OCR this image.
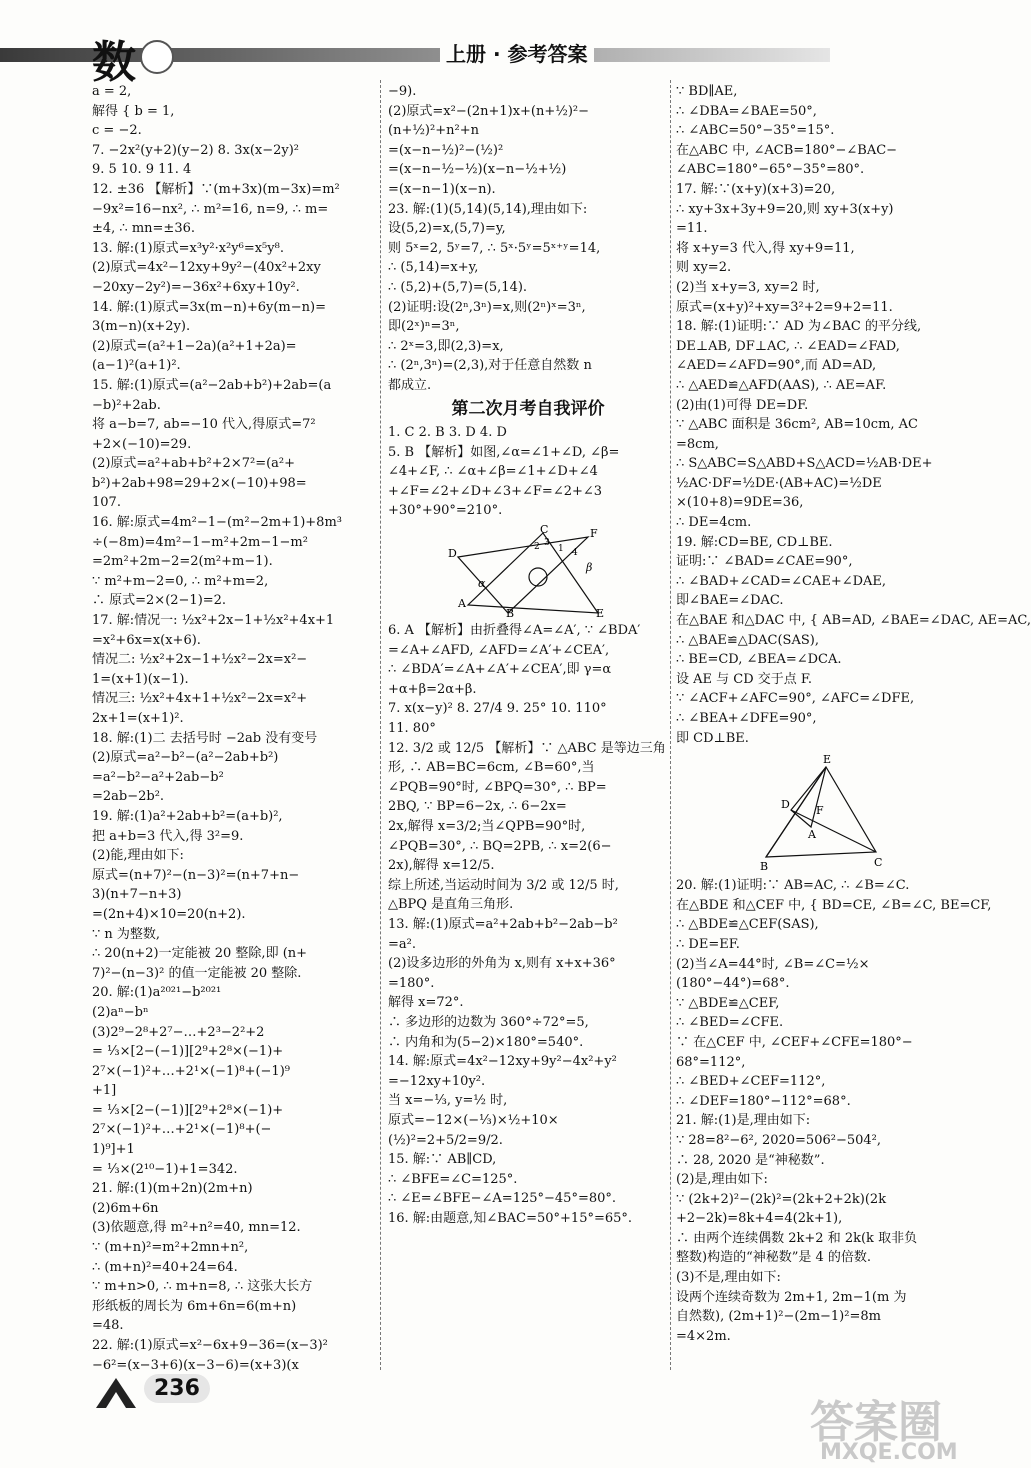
数	上册 · 参考答案
a = 2,
解得 { b = 1,
c = −2.
7. −2x²(y+2)(y−2) 8. 3x(x−2y)²
9. 5 10. 9 11. 4
12. ±36 【解析】∵(m+3x)(m−3x)=m²
−9x²=16−nx², ∴ m²=16, n=9, ∴ m=
±4, ∴ mn=±36.
13. 解:(1)原式=x³y²·x²y⁶=x⁵y⁸.
(2)原式=4x²−12xy+9y²−(40x²+2xy
−20xy−2y²)=−36x²+6xy+10y².
14. 解:(1)原式=3x(m−n)+6y(m−n)=
3(m−n)(x+2y).
(2)原式=(a²+1−2a)(a²+1+2a)=
(a−1)²(a+1)².
15. 解:(1)原式=(a²−2ab+b²)+2ab=(a
−b)²+2ab.
将 a−b=7, ab=−10 代入,得原式=7²
+2×(−10)=29.
(2)原式=a²+ab+b²+2×7²=(a²+
b²)+2ab+98=29+2×(−10)+98=
107.
16. 解:原式=4m²−1−(m²−2m+1)+8m³
÷(−8m)=4m²−1−m²+2m−1−m²
=2m²+2m−2=2(m²+m−1).
∵ m²+m−2=0, ∴ m²+m=2,
∴ 原式=2×(2−1)=2.
17. 解:情况一: ½x²+2x−1+½x²+4x+1
=x²+6x=x(x+6).
情况二: ½x²+2x−1+½x²−2x=x²−
1=(x+1)(x−1).
情况三: ½x²+4x+1+½x²−2x=x²+
2x+1=(x+1)².
18. 解:(1)二 去括号时 −2ab 没有变号
(2)原式=a²−b²−(a²−2ab+b²)
=a²−b²−a²+2ab−b²
=2ab−2b².
19. 解:(1)a²+2ab+b²=(a+b)²,
把 a+b=3 代入,得 3²=9.
(2)能,理由如下:
原式=(n+7)²−(n−3)²=(n+7+n−
3)(n+7−n+3)
=(2n+4)×10=20(n+2).
∵ n 为整数,
∴ 20(n+2)一定能被 20 整除,即 (n+
7)²−(n−3)² 的值一定能被 20 整除.
20. 解:(1)a²⁰²¹−b²⁰²¹
(2)aⁿ−bⁿ
(3)2⁹−2⁸+2⁷−…+2³−2²+2
= ⅓×[2−(−1)][2⁹+2⁸×(−1)+
2⁷×(−1)²+…+2¹×(−1)⁸+(−1)⁹
+1]
= ⅓×[2−(−1)][2⁹+2⁸×(−1)+
2⁷×(−1)²+…+2¹×(−1)⁸+(−
1)⁹]+1
= ⅓×(2¹⁰−1)+1=342.
21. 解:(1)(m+2n)(2m+n)
(2)6m+6n
(3)依题意,得 m²+n²=40, mn=12.
∵ (m+n)²=m²+2mn+n²,
∴ (m+n)²=40+24=64.
∵ m+n>0, ∴ m+n=8, ∴ 这张大长方
形纸板的周长为 6m+6n=6(m+n)
=48.
22. 解:(1)原式=x²−6x+9−36=(x−3)²
−6²=(x−3+6)(x−3−6)=(x+3)(x
−9).
(2)原式=x²−(2n+1)x+(n+½)²−
(n+½)²+n²+n
=(x−n−½)²−(½)²
=(x−n−½−½)(x−n−½+½)
=(x−n−1)(x−n).
23. 解:(1)(5,14)(5,14),理由如下:
设(5,2)=x,(5,7)=y,
则 5ˣ=2, 5ʸ=7, ∴ 5ˣ·5ʸ=5ˣ⁺ʸ=14,
∴ (5,14)=x+y,
∴ (5,2)+(5,7)=(5,14).
(2)证明:设(2ⁿ,3ⁿ)=x,则(2ⁿ)ˣ=3ⁿ,
即(2ˣ)ⁿ=3ⁿ,
∴ 2ˣ=3,即(2,3)=x,
∴ (2ⁿ,3ⁿ)=(2,3),对于任意自然数 n
都成立.
第二次月考自我评价
1. C 2. B 3. D 4. D
5. B 【解析】如图,∠α=∠1+∠D, ∠β=
∠4+∠F, ∴ ∠α+∠β=∠1+∠D+∠4
+∠F=∠2+∠D+∠3+∠F=∠2+∠3
+30°+90°=210°.
C
D
F
A
E
B
α
β
1
2 3
4
6. A 【解析】由折叠得∠A=∠A′, ∵ ∠BDA′
=∠A+∠AFD, ∠AFD=∠A′+∠CEA′,
∴ ∠BDA′=∠A+∠A′+∠CEA′,即 γ=α
+α+β=2α+β.
7. x(x−y)² 8. 27/4 9. 25° 10. 110°
11. 80°
12. 3/2 或 12/5 【解析】∵ △ABC 是等边三角
形, ∴ AB=BC=6cm, ∠B=60°,当
∠PQB=90°时, ∠BPQ=30°, ∴ BP=
2BQ, ∵ BP=6−2x, ∴ 6−2x=
2x,解得 x=3/2;当∠QPB=90°时,
∠PQB=30°, ∴ BQ=2PB, ∴ x=2(6−
2x),解得 x=12/5.
综上所述,当运动时间为 3/2 或 12/5 时,
△BPQ 是直角三角形.
13. 解:(1)原式=a²+2ab+b²−2ab−b²
=a².
(2)设多边形的外角为 x,则有 x+x+36°
=180°.
解得 x=72°.
∴ 多边形的边数为 360°÷72°=5,
∴ 内角和为(5−2)×180°=540°.
14. 解:原式=4x²−12xy+9y²−4x²+y²
=−12xy+10y².
当 x=−⅓, y=½ 时,
原式=−12×(−⅓)×½+10×
(½)²=2+5/2=9/2.
15. 解:∵ AB∥CD,
∴ ∠BFE=∠C=125°.
∴ ∠E=∠BFE−∠A=125°−45°=80°.
16. 解:由题意,知∠BAC=50°+15°=65°.
∵ BD∥AE,
∴ ∠DBA=∠BAE=50°,
∴ ∠ABC=50°−35°=15°.
在△ABC 中, ∠ACB=180°−∠BAC−
∠ABC=180°−65°−35°=80°.
17. 解:∵(x+y)(x+3)=20,
∴ xy+3x+3y+9=20,则 xy+3(x+y)
=11.
将 x+y=3 代入,得 xy+9=11,
则 xy=2.
(2)当 x+y=3, xy=2 时,
原式=(x+y)²+xy=3²+2=9+2=11.
18. 解:(1)证明:∵ AD 为∠BAC 的平分线,
DE⊥AB, DF⊥AC, ∴ ∠EAD=∠FAD,
∠AED=∠AFD=90°,而 AD=AD,
∴ △AED≌△AFD(AAS), ∴ AE=AF.
(2)由(1)可得 DE=DF.
∵ △ABC 面积是 36cm², AB=10cm, AC
=8cm,
∴ S△ABC=S△ABD+S△ACD=½AB·DE+
½AC·DF=½DE·(AB+AC)=½DE
×(10+8)=9DE=36,
∴ DE=4cm.
19. 解:CD=BE, CD⊥BE.
证明:∵ ∠BAD=∠CAE=90°,
∴ ∠BAD+∠CAD=∠CAE+∠DAE,
即∠BAE=∠DAC.
在△BAE 和△DAC 中, { AB=AD, ∠BAE=∠DAC, AE=AC,
∴ △BAE≌△DAC(SAS),
∴ BE=CD, ∠BEA=∠DCA.
设 AE 与 CD 交于点 F.
∵ ∠ACF+∠AFC=90°, ∠AFC=∠DFE,
∴ ∠BEA+∠DFE=90°,
即 CD⊥BE.
E
D
A
F
B	C
20. 解:(1)证明:∵ AB=AC, ∴ ∠B=∠C.
在△BDE 和△CEF 中, { BD=CE, ∠B=∠C, BE=CF,
∴ △BDE≌△CEF(SAS),
∴ DE=EF.
(2)当∠A=44°时, ∠B=∠C=½×
(180°−44°)=68°.
∵ △BDE≌△CEF,
∴ ∠BED=∠CFE.
∵ 在△CEF 中, ∠CEF+∠CFE=180°−
68°=112°,
∴ ∠BED+∠CEF=112°,
∴ ∠DEF=180°−112°=68°.
21. 解:(1)是,理由如下:
∵ 28=8²−6², 2020=506²−504²,
∴ 28, 2020 是“神秘数”.
(2)是,理由如下:
∵ (2k+2)²−(2k)²=(2k+2+2k)(2k
+2−2k)=8k+4=4(2k+1),
∴ 由两个连续偶数 2k+2 和 2k(k 取非负
整数)构造的“神秘数”是 4 的倍数.
(3)不是,理由如下:
设两个连续奇数为 2m+1, 2m−1(m 为
自然数), (2m+1)²−(2m−1)²=8m
=4×2m.
236
答案圈
MXQE.COM
